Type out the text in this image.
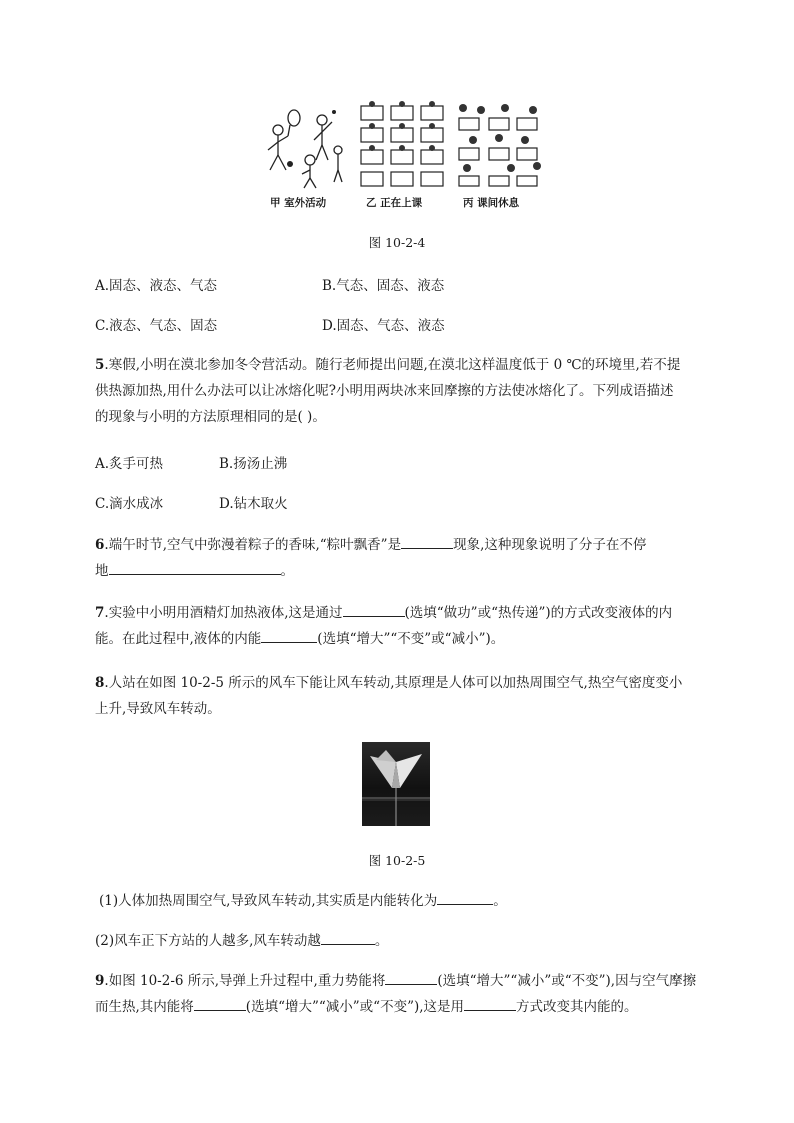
甲 室外活动	乙 正在上课	丙 课间休息
图 10-2-4
A.固态、液态、气态	B.气态、固态、液态
C.液态、气态、固态	D.固态、气态、液态
5.寒假,小明在漠北参加冬令营活动。随行老师提出问题,在漠北这样温度低于 0 ℃的环境里,若不提
供热源加热,用什么办法可以让冰熔化呢?小明用两块冰来回摩擦的方法使冰熔化了。下列成语描述
的现象与小明的方法原理相同的是( )。
A.炙手可热	B.扬汤止沸
C.滴水成冰	D.钻木取火
6.端午时节,空气中弥漫着粽子的香味,“粽叶飘香”是	现象,这种现象说明了分子在不停
地	。
7.实验中小明用酒精灯加热液体,这是通过	(选填“做功”或“热传递”)的方式改变液体的内
能。在此过程中,液体的内能	(选填“增大”“不变”或“减小”)。
8.人站在如图 10-2-5 所示的风车下能让风车转动,其原理是人体可以加热周围空气,热空气密度变小
上升,导致风车转动。
图 10-2-5
(1)人体加热周围空气,导致风车转动,其实质是内能转化为	。
(2)风车正下方站的人越多,风车转动越	。
9.如图 10-2-6 所示,导弹上升过程中,重力势能将	(选填“增大”“减小”或“不变”),因与空气摩擦
而生热,其内能将	(选填“增大”“减小”或“不变”),这是用	方式改变其内能的。
